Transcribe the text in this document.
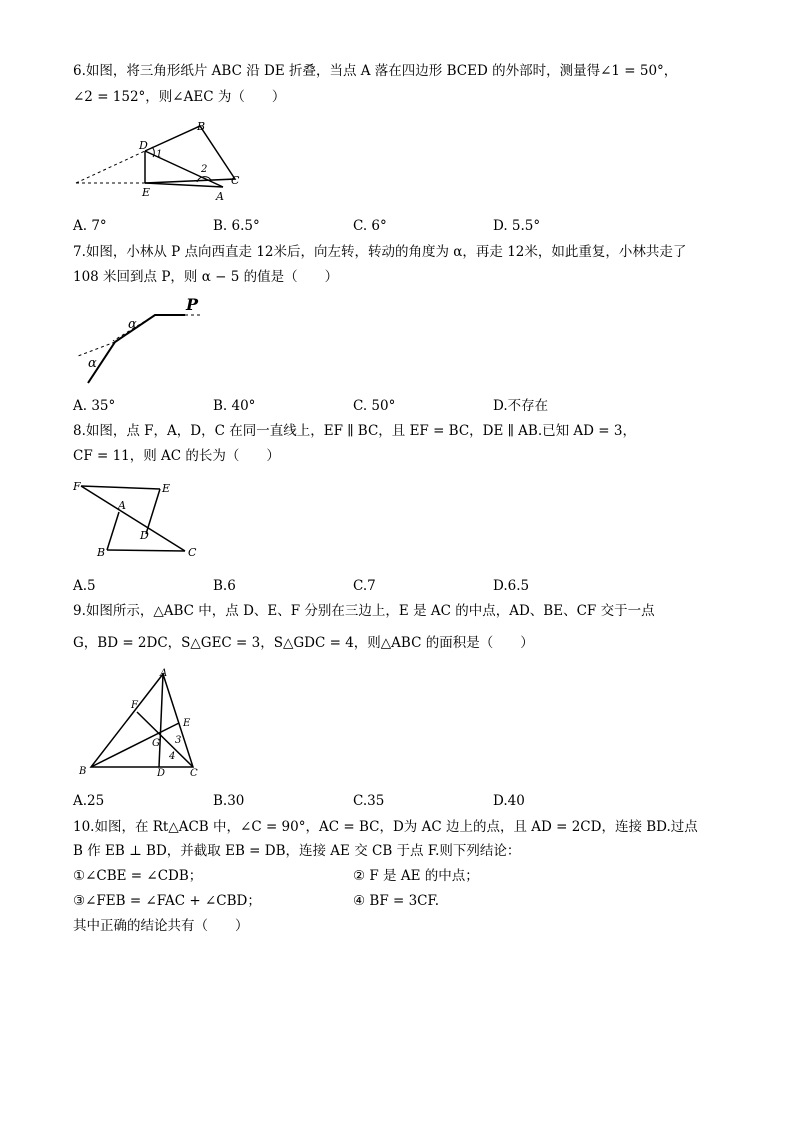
6.如图，将三角形纸片 ABC 沿 DE 折叠，当点 A 落在四边形 BCED 的外部时，测量得∠1 = 50°，
∠2 = 152°，则∠AEC 为（　　）
B
D
1
2
C
E	A
A. 7°	B. 6.5°	C. 6°	D. 5.5°
7.如图，小林从 P 点向西直走 12米后，向左转，转动的角度为 α，再走 12米，如此重复，小林共走了
108 米回到点 P，则 α − 5 的值是（　　）
P
α
α
A. 35°	B. 40°	C. 50°	D.不存在
8.如图，点 F，A，D，C 在同一直线上，EF ∥ BC，且 EF = BC，DE ∥ AB.已知 AD = 3，
CF = 11，则 AC 的长为（　　）
F	E
A
D
B	C
A.5	B.6	C.7	D.6.5
9.如图所示，△ABC 中，点 D、E、F 分别在三边上，E 是 AC 的中点，AD、BE、CF 交于一点
G，BD = 2DC，S△GEC = 3，S△GDC = 4，则△ABC 的面积是（　　）
A
F
E
G 3
4
B	D C
A.25	B.30	C.35	D.40
10.如图，在 Rt△ACB 中，∠C = 90°，AC = BC，D为 AC 边上的点，且 AD = 2CD，连接 BD.过点
B 作 EB ⊥ BD，并截取 EB = DB，连接 AE 交 CB 于点 F.则下列结论：
①∠CBE = ∠CDB；	② F 是 AE 的中点；
③∠FEB = ∠FAC + ∠CBD；	④ BF = 3CF.
其中正确的结论共有（　　）
